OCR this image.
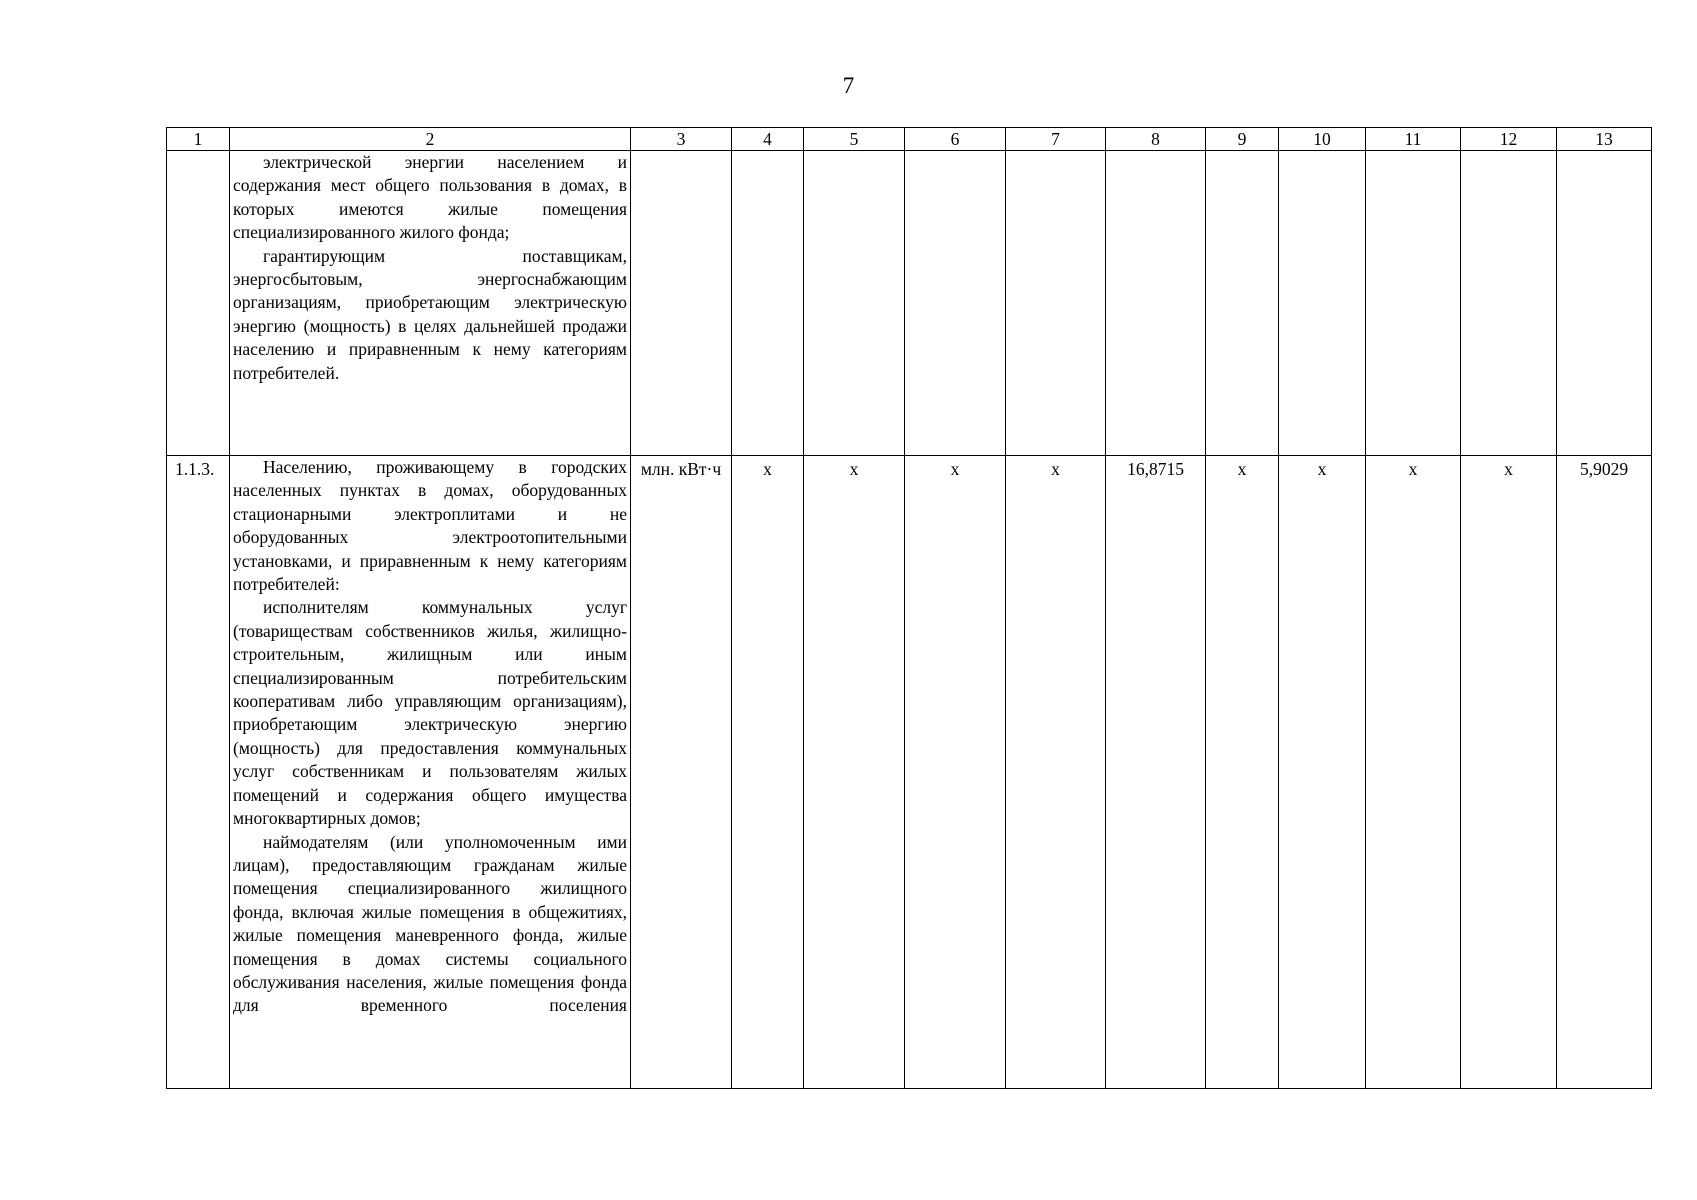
7
1	2	3	4	5	6	7	8	9	10	11	12	13

	электрической энергии населением и содержания мест общего пользования в домах, в которых имеются жилые помещения специализированного жилого фонда;

гарантирующим поставщикам, энергосбытовым, энергоснабжающим организациям, приобретающим электрическую энергию (мощность) в целях дальнейшей продажи населению и приравненным к нему категориям потребителей.											

1.1.3.	Населению, проживающему в городских населенных пунктах в домах, оборудованных стационарными электроплитами и не оборудованных электроотопительными установками, и приравненным к нему категориям потребителей:

исполнителям коммунальных услуг (товариществам собственников жилья, жилищно-строительным, жилищным или иным специализированным потребительским кооперативам либо управляющим организациям), приобретающим электрическую энергию (мощность) для предоставления коммунальных услуг собственникам и пользователям жилых помещений и содержания общего имущества многоквартирных домов;

наймодателям (или уполномоченным ими лицам), предоставляющим гражданам жилые помещения специализированного жилищного фонда, включая жилые помещения в общежитиях, жилые помещения маневренного фонда, жилые помещения в домах системы социального обслуживания населения, жилые помещения фонда для временного поселения	млн. кВт·ч	х	х	х	х	16,8715	х	х	х	х	5,9029
